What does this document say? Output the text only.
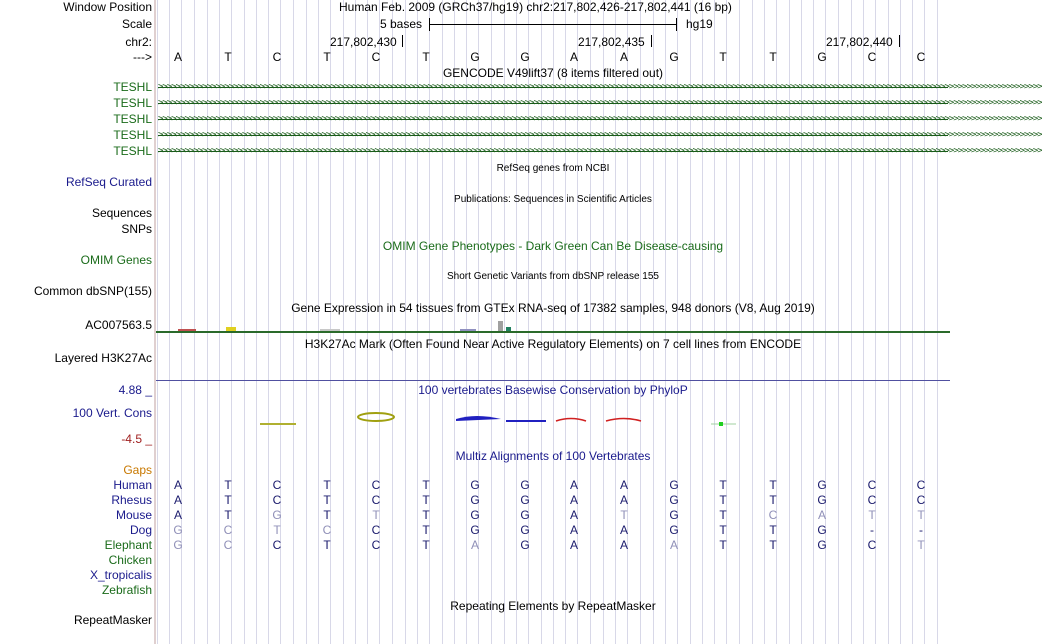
Window Position	Human Feb. 2009 (GRCh37/hg19) chr2:217,802,426-217,802,441 (16 bp)
Scale	5 bases	hg19
chr2:	217,802,430	217,802,435	217,802,440
---> A	T	C	T	C	T	G	G	A	A	G	T	T	G	C	C
GENCODE V49lift37 (8 items filtered out)
TESHL >>>>>>>>>>>>>>>>>>>>>>>>>>>>>>>>>>>>>>>>>>>>>>>>>>>>>>>>>>>>>>>>>>>>>>>>>>>>>>>>>>>>>>>>>>>>>>>>>>>>>>>>>>>>>>>>>>>>>>>>>>>>>>>>>>>>>>>>>>>>>>>>>>>>>>>>>>>>>>>>>>>>>>>>>>>>>>>>>>>>>>>>>>>>>>>>>>>>>>>>
TESHL >>>>>>>>>>>>>>>>>>>>>>>>>>>>>>>>>>>>>>>>>>>>>>>>>>>>>>>>>>>>>>>>>>>>>>>>>>>>>>>>>>>>>>>>>>>>>>>>>>>>>>>>>>>>>>>>>>>>>>>>>>>>>>>>>>>>>>>>>>>>>>>>>>>>>>>>>>>>>>>>>>>>>>>>>>>>>>>>>>>>>>>>>>>>>>>>>>>>>>>>
TESHL >>>>>>>>>>>>>>>>>>>>>>>>>>>>>>>>>>>>>>>>>>>>>>>>>>>>>>>>>>>>>>>>>>>>>>>>>>>>>>>>>>>>>>>>>>>>>>>>>>>>>>>>>>>>>>>>>>>>>>>>>>>>>>>>>>>>>>>>>>>>>>>>>>>>>>>>>>>>>>>>>>>>>>>>>>>>>>>>>>>>>>>>>>>>>>>>>>>>>>>>
TESHL >>>>>>>>>>>>>>>>>>>>>>>>>>>>>>>>>>>>>>>>>>>>>>>>>>>>>>>>>>>>>>>>>>>>>>>>>>>>>>>>>>>>>>>>>>>>>>>>>>>>>>>>>>>>>>>>>>>>>>>>>>>>>>>>>>>>>>>>>>>>>>>>>>>>>>>>>>>>>>>>>>>>>>>>>>>>>>>>>>>>>>>>>>>>>>>>>>>>>>>>
TESHL >>>>>>>>>>>>>>>>>>>>>>>>>>>>>>>>>>>>>>>>>>>>>>>>>>>>>>>>>>>>>>>>>>>>>>>>>>>>>>>>>>>>>>>>>>>>>>>>>>>>>>>>>>>>>>>>>>>>>>>>>>>>>>>>>>>>>>>>>>>>>>>>>>>>>>>>>>>>>>>>>>>>>>>>>>>>>>>>>>>>>>>>>>>>>>>>>>>>>>>>
RefSeq genes from NCBI
RefSeq Curated
Publications: Sequences in Scientific Articles
Sequences
SNPs
OMIM Gene Phenotypes - Dark Green Can Be Disease-causing
OMIM Genes
Short Genetic Variants from dbSNP release 155
Common dbSNP(155)
Gene Expression in 54 tissues from GTEx RNA-seq of 17382 samples, 948 donors (V8, Aug 2019)
AC007563.5
H3K27Ac Mark (Often Found Near Active Regulatory Elements) on 7 cell lines from ENCODE
Layered H3K27Ac
4.88 _	100 vertebrates Basewise Conservation by PhyloP
100 Vert. Cons
-4.5 _
Multiz Alignments of 100 Vertebrates
Gaps
Human A	T	C	T	C	T	G	G	A	A	G	T	T	G	C	C
Rhesus A	T	C	T	C	T	G	G	A	A	G	T	T	G	C	C
Mouse A	T	G	T	T	T	G	G	A	T	G	T	C	A	T	T
Dog G	C	T	C	C	T	G	G	A	A	G	T	T	G	-	-
Elephant G	C	C	T	C	T	A	G	A	A	A	T	T	G	C	T
Chicken
X_tropicalis
Zebrafish
Repeating Elements by RepeatMasker
RepeatMasker
